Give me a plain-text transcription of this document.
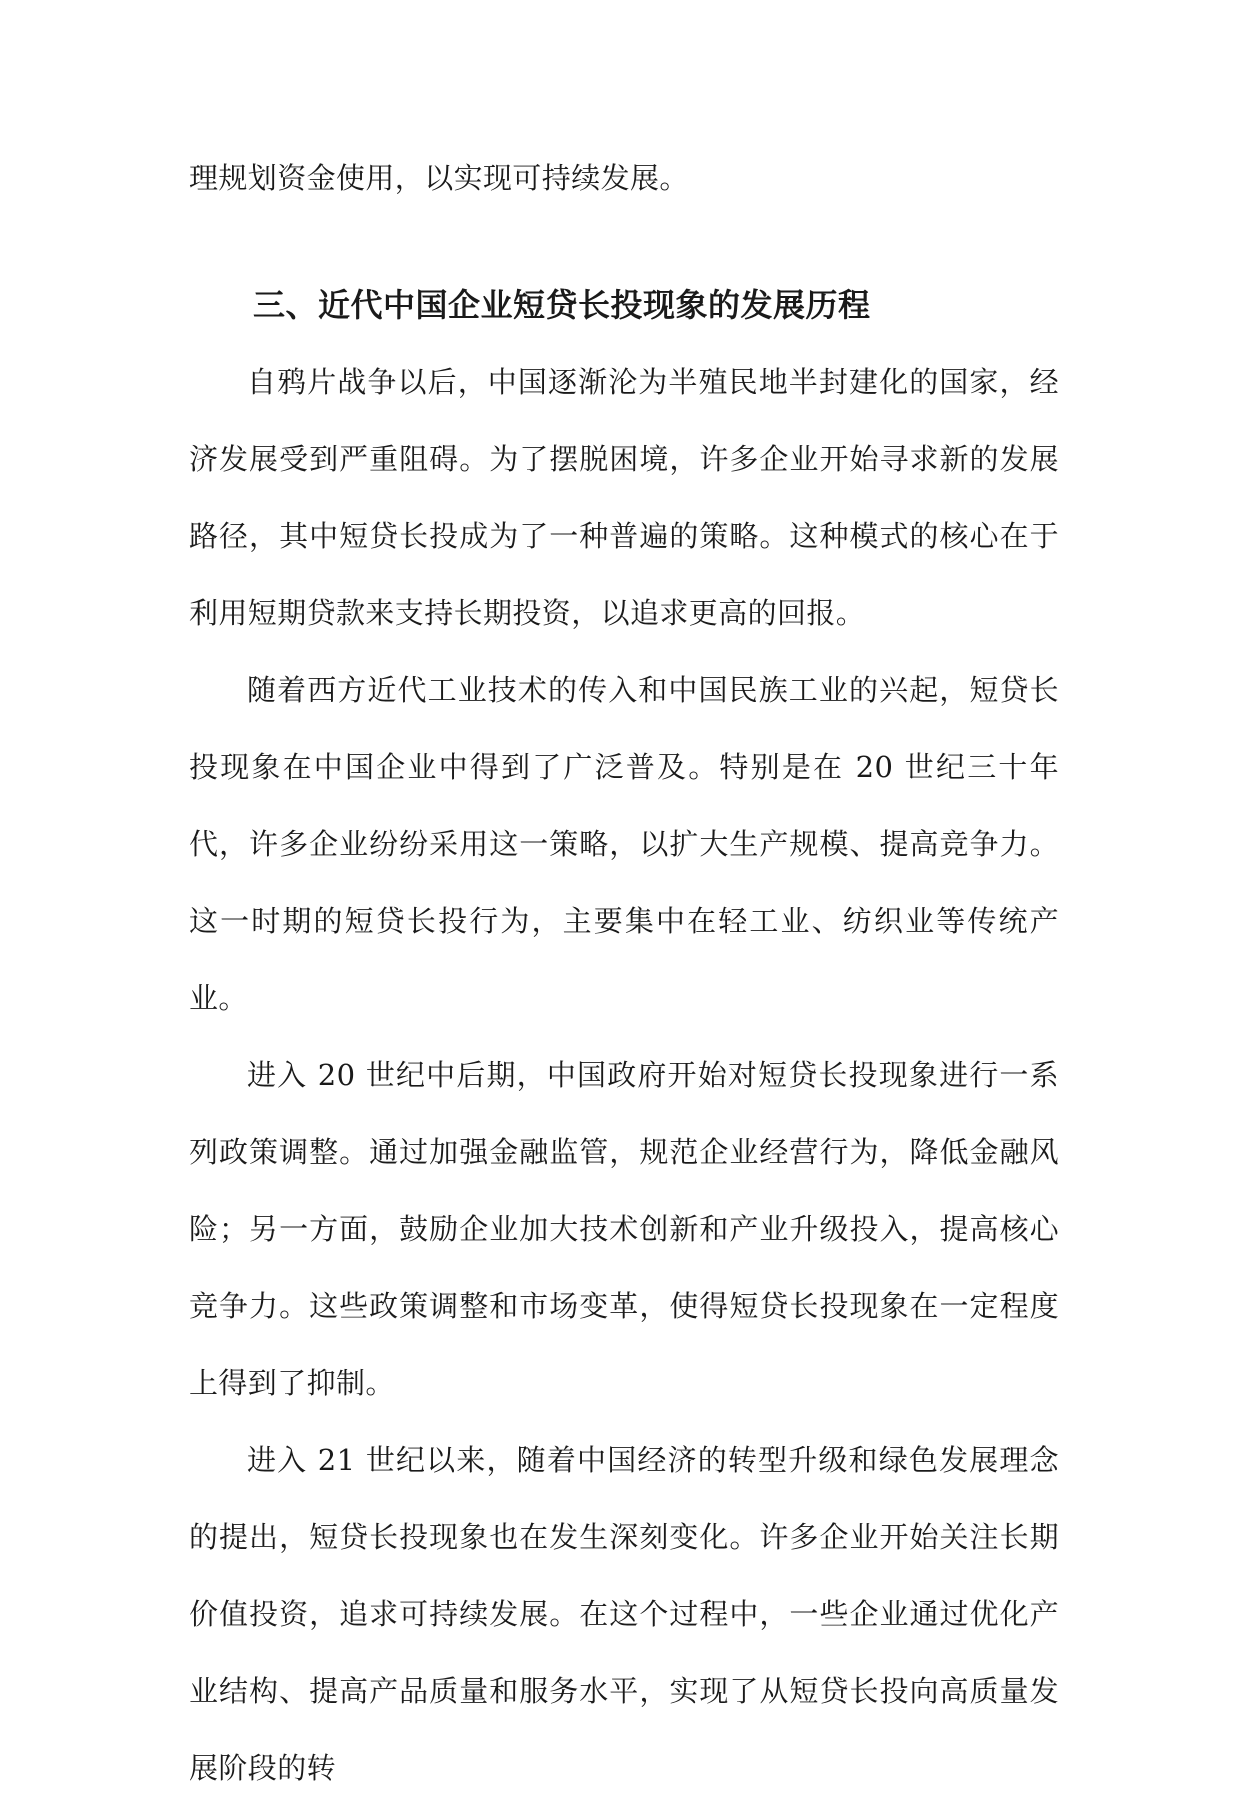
理规划资金使用，以实现可持续发展。

三、近代中国企业短贷长投现象的发展历程

自鸦片战争以后，中国逐渐沦为半殖民地半封建化的国家，经济发展受到严重阻碍。为了摆脱困境，许多企业开始寻求新的发展路径，其中短贷长投成为了一种普遍的策略。这种模式的核心在于利用短期贷款来支持长期投资，以追求更高的回报。

随着西方近代工业技术的传入和中国民族工业的兴起，短贷长投现象在中国企业中得到了广泛普及。特别是在 20 世纪三十年代，许多企业纷纷采用这一策略，以扩大生产规模、提高竞争力。这一时期的短贷长投行为，主要集中在轻工业、纺织业等传统产业。

进入 20 世纪中后期，中国政府开始对短贷长投现象进行一系列政策调整。通过加强金融监管，规范企业经营行为，降低金融风险；另一方面，鼓励企业加大技术创新和产业升级投入，提高核心竞争力。这些政策调整和市场变革，使得短贷长投现象在一定程度上得到了抑制。

进入 21 世纪以来，随着中国经济的转型升级和绿色发展理念的提出，短贷长投现象也在发生深刻变化。许多企业开始关注长期价值投资，追求可持续发展。在这个过程中，一些企业通过优化产业结构、提高产品质量和服务水平，实现了从短贷长投向高质量发展阶段的转
